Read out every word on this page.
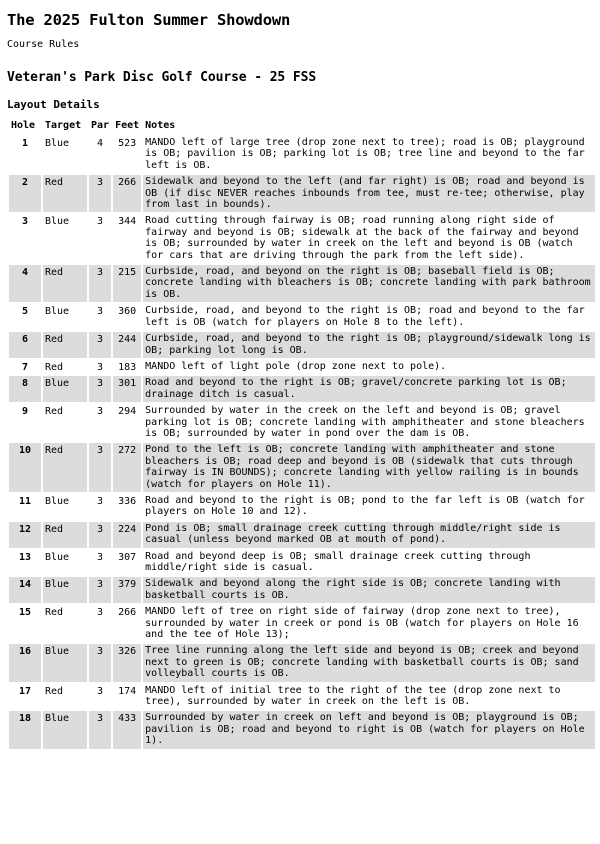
The 2025 Fulton Summer Showdown
Course Rules
Veteran's Park Disc Golf Course - 25 FSS
Layout Details
Hole	Target	Par	Feet	Notes
1	Blue	4	523	MANDO left of large tree (drop zone next to tree); road is OB; playground is OB; pavilion is OB; parking lot is OB; tree line and beyond to the far left is OB.
2	Red	3	266	Sidewalk and beyond to the left (and far right) is OB; road and beyond is OB (if disc NEVER reaches inbounds from tee, must re-tee; otherwise, play from last in bounds).
3	Blue	3	344	Road cutting through fairway is OB; road running along right side of fairway and beyond is OB; sidewalk at the back of the fairway and beyond is OB; surrounded by water in creek on the left and beyond is OB (watch for cars that are driving through the park from the left side).
4	Red	3	215	Curbside, road, and beyond on the right is OB; baseball field is OB; concrete landing with bleachers is OB; concrete landing with park bathroom is OB.
5	Blue	3	360	Curbside, road, and beyond to the right is OB; road and beyond to the far left is OB (watch for players on Hole 8 to the left).
6	Red	3	244	Curbside, road, and beyond to the right is OB; playground/sidewalk long is OB; parking lot long is OB.
7	Red	3	183	MANDO left of light pole (drop zone next to pole).
8	Blue	3	301	Road and beyond to the right is OB; gravel/concrete parking lot is OB; drainage ditch is casual.
9	Red	3	294	Surrounded by water in the creek on the left and beyond is OB; gravel parking lot is OB; concrete landing with amphitheater and stone bleachers is OB; surrounded by water in pond over the dam is OB.
10	Red	3	272	Pond to the left is OB; concrete landing with amphitheater and stone bleachers is OB; road deep and beyond is OB (sidewalk that cuts through fairway is IN BOUNDS); concrete landing with yellow railing is in bounds (watch for players on Hole 11).
11	Blue	3	336	Road and beyond to the right is OB; pond to the far left is OB (watch for players on Hole 10 and 12).
12	Red	3	224	Pond is OB; small drainage creek cutting through middle/right side is casual (unless beyond marked OB at mouth of pond).
13	Blue	3	307	Road and beyond deep is OB; small drainage creek cutting through middle/right side is casual.
14	Blue	3	379	Sidewalk and beyond along the right side is OB; concrete landing with basketball courts is OB.
15	Red	3	266	MANDO left of tree on right side of fairway (drop zone next to tree), surrounded by water in creek or pond is OB (watch for players on Hole 16 and the tee of Hole 13);
16	Blue	3	326	Tree line running along the left side and beyond is OB; creek and beyond next to green is OB; concrete landing with basketball courts is OB; sand volleyball courts is OB.
17	Red	3	174	MANDO left of initial tree to the right of the tee (drop zone next to tree), surrounded by water in creek on the left is OB.
18	Blue	3	433	Surrounded by water in creek on left and beyond is OB; playground is OB; pavilion is OB; road and beyond to right is OB (watch for players on Hole 1).
